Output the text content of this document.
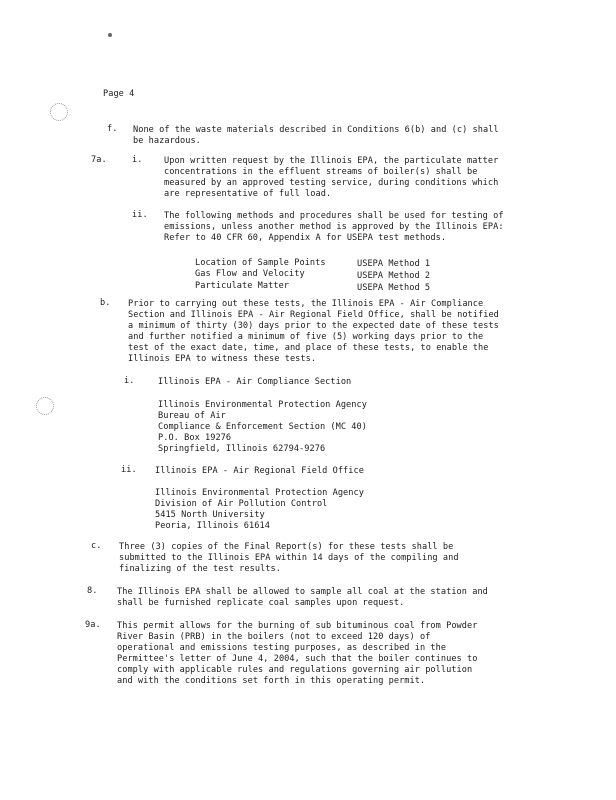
Page 4
f. None of the waste materials described in Conditions 6(b) and (c) shall
be hazardous.
7a.	i.	Upon written request by the Illinois EPA, the particulate matter
concentrations in the effluent streams of boiler(s) shall be
measured by an approved testing service, during conditions which
are representative of full load.
ii. The following methods and procedures shall be used for testing of
emissions, unless another method is approved by the Illinois EPA:
Refer to 40 CFR 60, Appendix A for USEPA test methods.
Location of Sample Points	USEPA Method 1
Gas Flow and Velocity	USEPA Method 2
Particulate Matter	USEPA Method 5
b. Prior to carrying out these tests, the Illinois EPA - Air Compliance
Section and Illinois EPA - Air Regional Field Office, shall be notified
a minimum of thirty (30) days prior to the expected date of these tests
and further notified a minimum of five (5) working days prior to the
test of the exact date, time, and place of these tests, to enable the
Illinois EPA to witness these tests.
i.	Illinois EPA - Air Compliance Section
Illinois Environmental Protection Agency
Bureau of Air
Compliance & Enforcement Section (MC 40)
P.O. Box 19276
Springfield, Illinois 62794-9276
ii. Illinois EPA - Air Regional Field Office
Illinois Environmental Protection Agency
Division of Air Pollution Control
5415 North University
Peoria, Illinois 61614
c. Three (3) copies of the Final Report(s) for these tests shall be
submitted to the Illinois EPA within 14 days of the compiling and
finalizing of the test results.
8. The Illinois EPA shall be allowed to sample all coal at the station and
shall be furnished replicate coal samples upon request.
9a. This permit allows for the burning of sub bituminous coal from Powder
River Basin (PRB) in the boilers (not to exceed 120 days) of
operational and emissions testing purposes, as described in the
Permittee's letter of June 4, 2004, such that the boiler continues to
comply with applicable rules and regulations governing air pollution
and with the conditions set forth in this operating permit.
